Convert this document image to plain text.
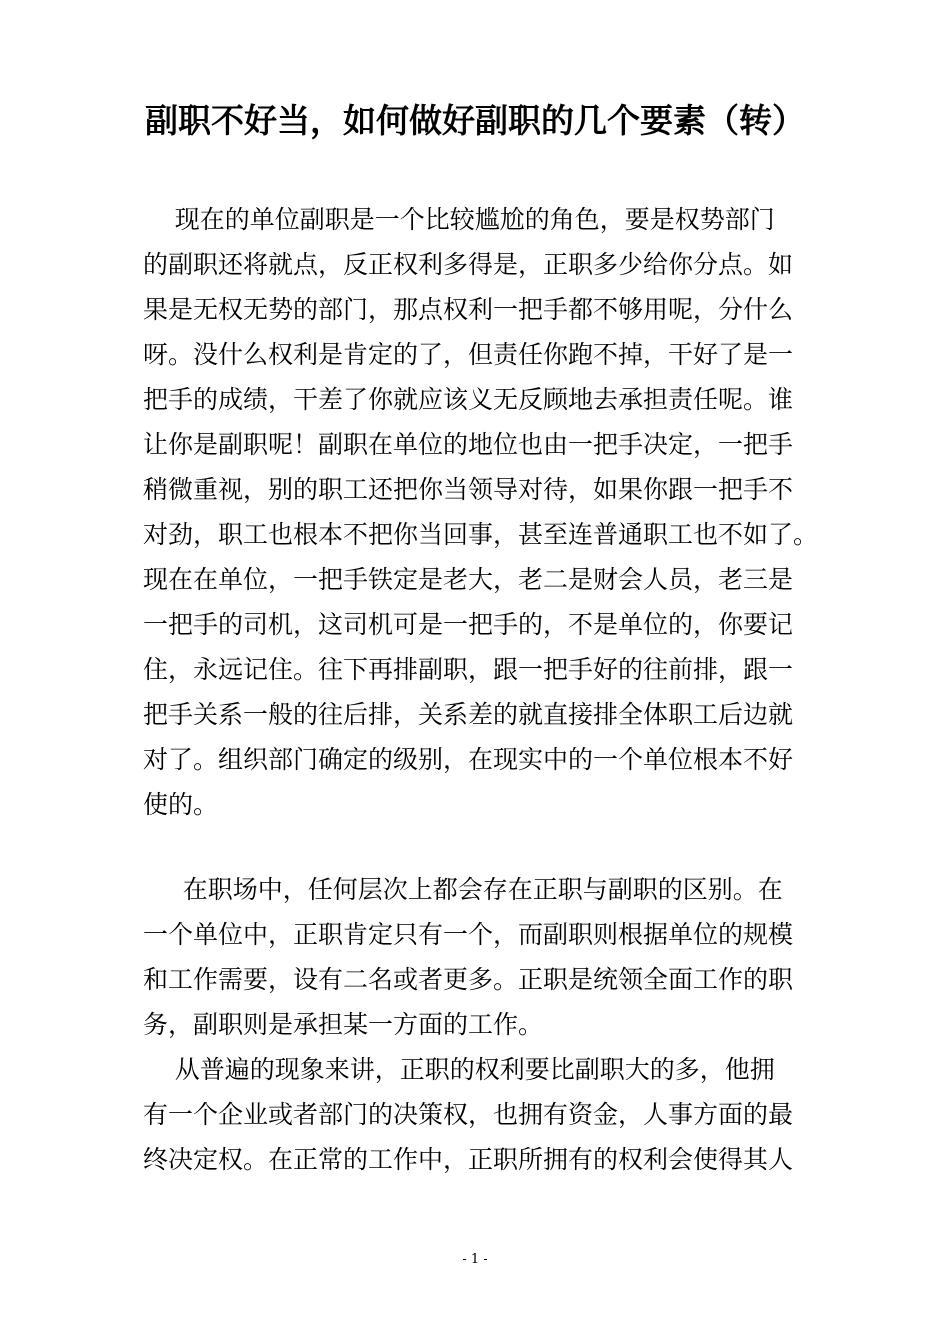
副职不好当，如何做好副职的几个要素（转）
现在的单位副职是一个比较尴尬的角色，要是权势部门
的副职还将就点，反正权利多得是，正职多少给你分点。如
果是无权无势的部门，那点权利一把手都不够用呢，分什么
呀。没什么权利是肯定的了，但责任你跑不掉，干好了是一
把手的成绩，干差了你就应该义无反顾地去承担责任呢。谁
让你是副职呢！副职在单位的地位也由一把手决定，一把手
稍微重视，别的职工还把你当领导对待，如果你跟一把手不
对劲，职工也根本不把你当回事，甚至连普通职工也不如了。
现在在单位，一把手铁定是老大，老二是财会人员，老三是
一把手的司机，这司机可是一把手的，不是单位的，你要记
住，永远记住。往下再排副职，跟一把手好的往前排，跟一
把手关系一般的往后排，关系差的就直接排全体职工后边就
对了。组织部门确定的级别，在现实中的一个单位根本不好
使的。
在职场中，任何层次上都会存在正职与副职的区别。在
一个单位中，正职肯定只有一个，而副职则根据单位的规模
和工作需要，设有二名或者更多。正职是统领全面工作的职
务，副职则是承担某一方面的工作。
从普遍的现象来讲，正职的权利要比副职大的多，他拥
有一个企业或者部门的决策权，也拥有资金，人事方面的最
终决定权。在正常的工作中，正职所拥有的权利会使得其人
- 1 -
